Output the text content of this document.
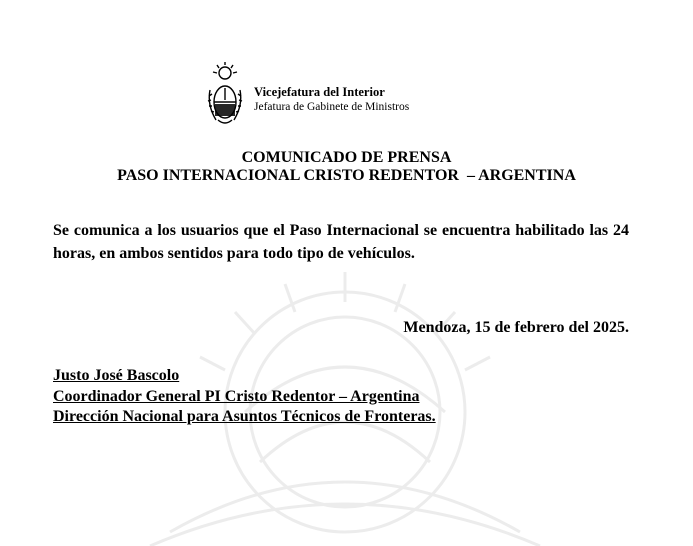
Vicejefatura del Interior
Jefatura de Gabinete de Ministros
COMUNICADO DE PRENSA
PASO INTERNACIONAL CRISTO REDENTOR  – ARGENTINA
Se comunica a los usuarios que el Paso Internacional se encuentra habilitado las 24 horas, en ambos sentidos para todo tipo de vehículos.
Mendoza, 15 de febrero del 2025.
Justo José Bascolo
Coordinador General PI Cristo Redentor – Argentina
Dirección Nacional para Asuntos Técnicos de Fronteras.
